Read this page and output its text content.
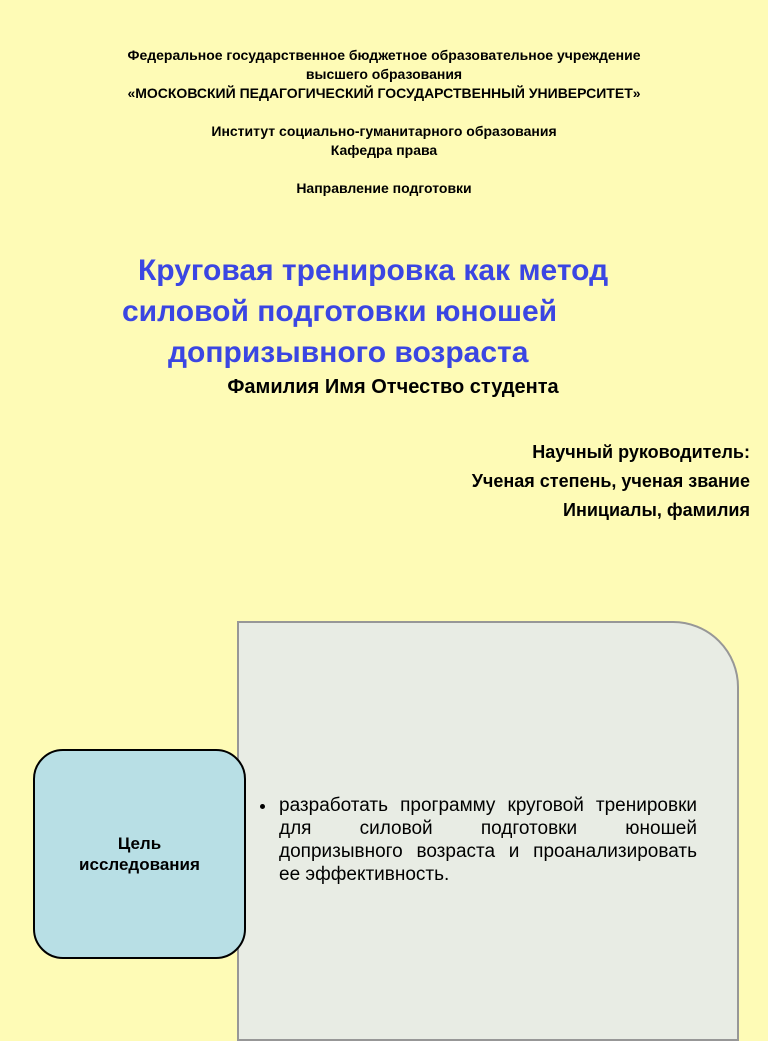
Федеральное государственное бюджетное образовательное учреждение
высшего образования
«МОСКОВСКИЙ ПЕДАГОГИЧЕСКИЙ ГОСУДАРСТВЕННЫЙ УНИВЕРСИТЕТ»
Институт социально-гуманитарного образования
Кафедра права
Направление подготовки
Круговая тренировка как метод
силовой подготовки юношей
допризывного возраста
Фамилия Имя Отчество студента
Научный руководитель:
Ученая степень, ученая звание
Инициалы, фамилия
Цель
исследования
• разработать программу круговой тренировки для силовой подготовки юношей допризывного возраста и проанализировать ее эффективность.
